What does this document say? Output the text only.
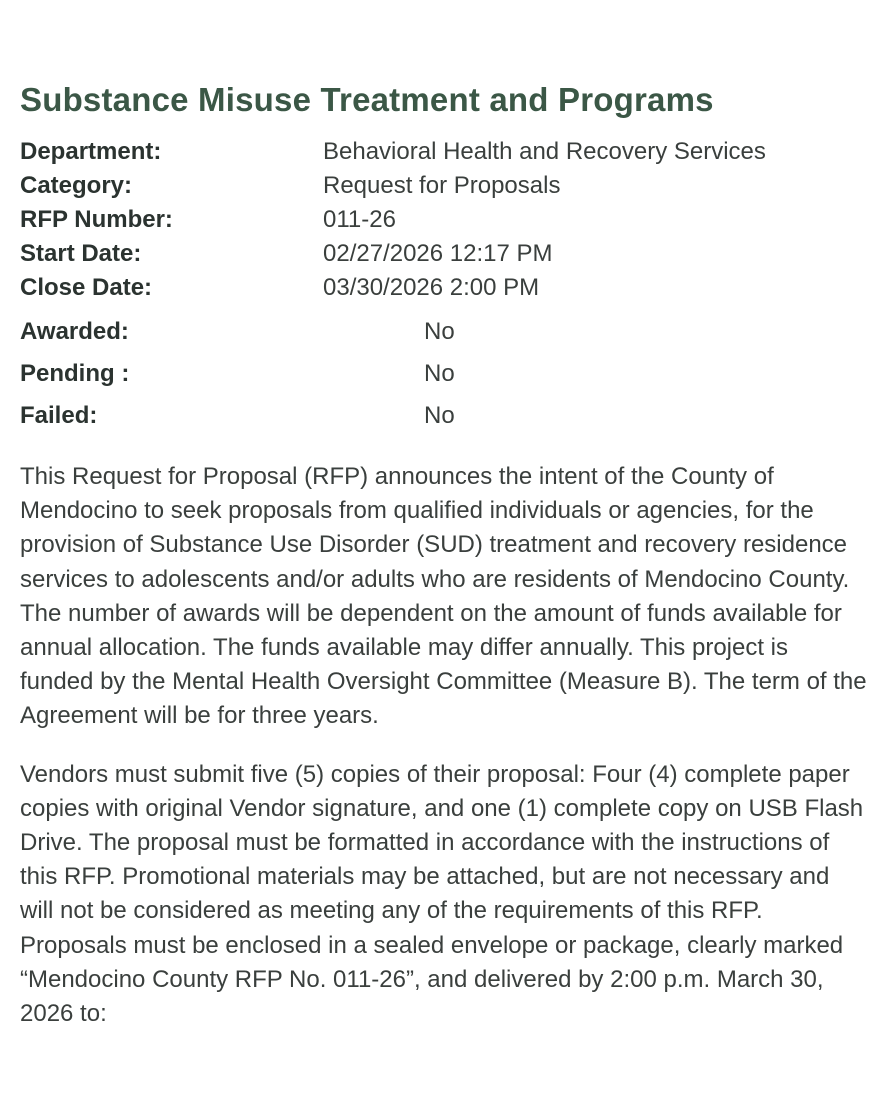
Substance Misuse Treatment and Programs
Department:	Behavioral Health and Recovery Services
Category:	Request for Proposals
RFP Number:	011-26
Start Date:	02/27/2026 12:17 PM
Close Date:	03/30/2026 2:00 PM
Awarded:	No
Pending :	No
Failed:	No

This Request for Proposal (RFP) announces the intent of the County of Mendocino to seek proposals from qualified individuals or agencies, for the provision of Substance Use Disorder (SUD) treatment and recovery residence services to adolescents and/or adults who are residents of Mendocino County. The number of awards will be dependent on the amount of funds available for annual allocation. The funds available may differ annually. This project is funded by the Mental Health Oversight Committee (Measure B). The term of the Agreement will be for three years.

Vendors must submit five (5) copies of their proposal: Four (4) complete paper copies with original Vendor signature, and one (1) complete copy on USB Flash Drive. The proposal must be formatted in accordance with the instructions of this RFP. Promotional materials may be attached, but are not necessary and will not be considered as meeting any of the requirements of this RFP. Proposals must be enclosed in a sealed envelope or package, clearly marked “Mendocino County RFP No. 011-26”, and delivered by 2:00 p.m. March 30, 2026 to:
